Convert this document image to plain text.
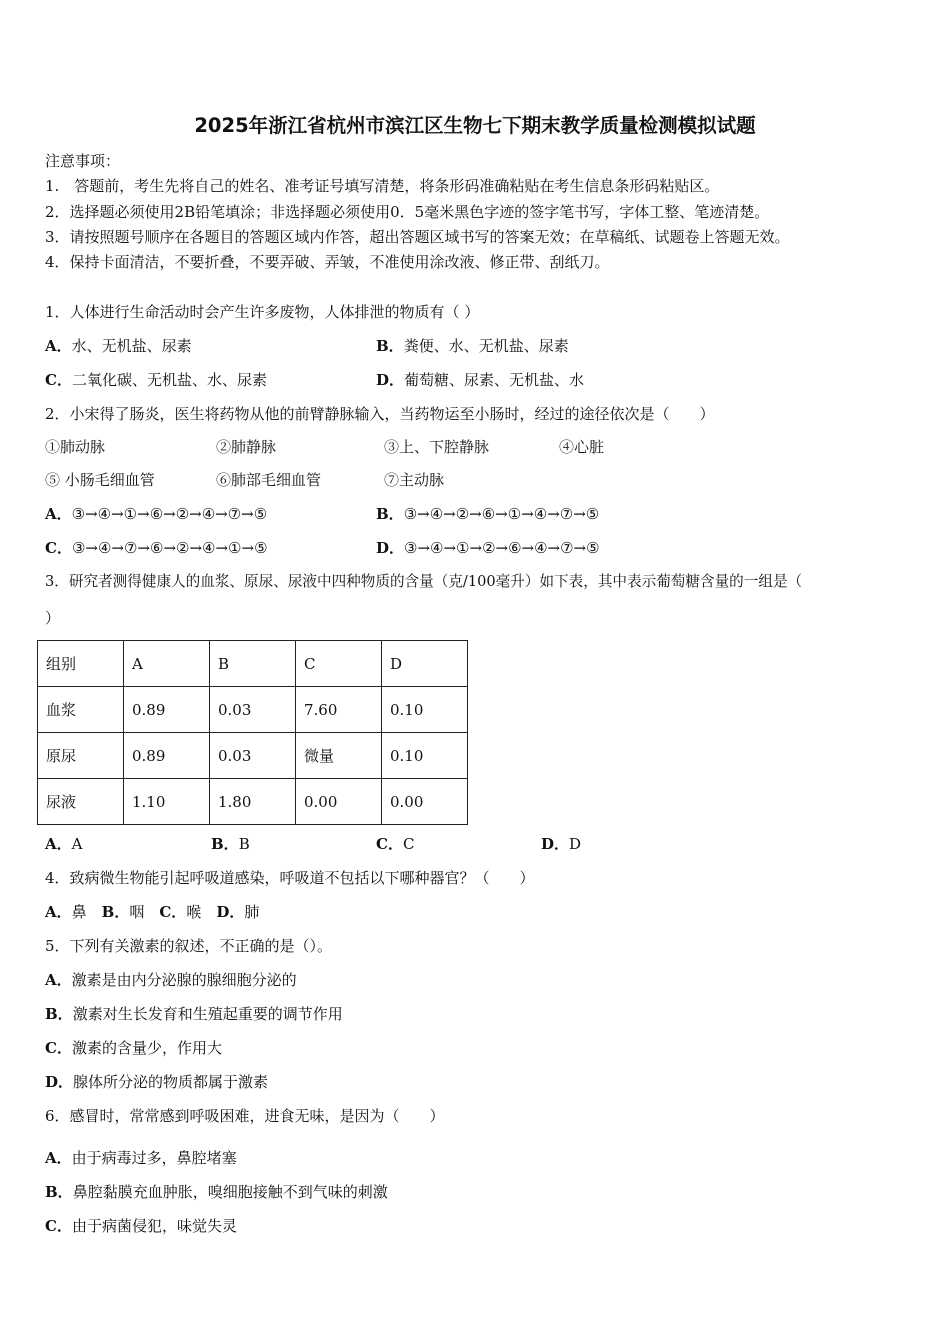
2025年浙江省杭州市滨江区生物七下期末教学质量检测模拟试题
注意事项：
1.　答题前，考生先将自己的姓名、准考证号填写清楚，将条形码准确粘贴在考生信息条形码粘贴区。
2．选择题必须使用2B铅笔填涂；非选择题必须使用0．5毫米黑色字迹的签字笔书写，字体工整、笔迹清楚。
3．请按照题号顺序在各题目的答题区域内作答，超出答题区域书写的答案无效；在草稿纸、试题卷上答题无效。
4．保持卡面清洁，不要折叠，不要弄破、弄皱，不准使用涂改液、修正带、刮纸刀。
1．人体进行生命活动时会产生许多废物，人体排泄的物质有（ ）
A．水、无机盐、尿素	B．粪便、水、无机盐、尿素
C．二氧化碳、无机盐、水、尿素	D．葡萄糖、尿素、无机盐、水
2．小宋得了肠炎，医生将药物从他的前臂静脉输入，当药物运至小肠时，经过的途径依次是（　　）
①肺动脉	②肺静脉	③上、下腔静脉	④心脏
⑤ 小肠毛细血管	⑥肺部毛细血管	⑦主动脉
A．③→④→①→⑥→②→④→⑦→⑤	B．③→④→②→⑥→①→④→⑦→⑤
C．③→④→⑦→⑥→②→④→①→⑤	D．③→④→①→②→⑥→④→⑦→⑤
3．研究者测得健康人的血浆、原尿、尿液中四种物质的含量（克/100毫升）如下表，其中表示葡萄糖含量的一组是（
）
组别	A	B	C	D
血浆	0.89	0.03	7.60	0.10
原尿	0.89	0.03	微量	0.10
尿液	1.10	1.80	0.00	0.00
A．A	B．B	C．C	D．D
4．致病微生物能引起呼吸道感染，呼吸道不包括以下哪种器官？（　　）
A．鼻  B．咽  C．喉  D．肺
5．下列有关激素的叙述，不正确的是（）。
A．激素是由内分泌腺的腺细胞分泌的
B．激素对生长发育和生殖起重要的调节作用
C．激素的含量少，作用大
D．腺体所分泌的物质都属于激素
6．感冒时，常常感到呼吸困难，进食无味，是因为（　　）
A．由于病毒过多，鼻腔堵塞
B．鼻腔黏膜充血肿胀，嗅细胞接触不到气味的刺激
C．由于病菌侵犯，味觉失灵
